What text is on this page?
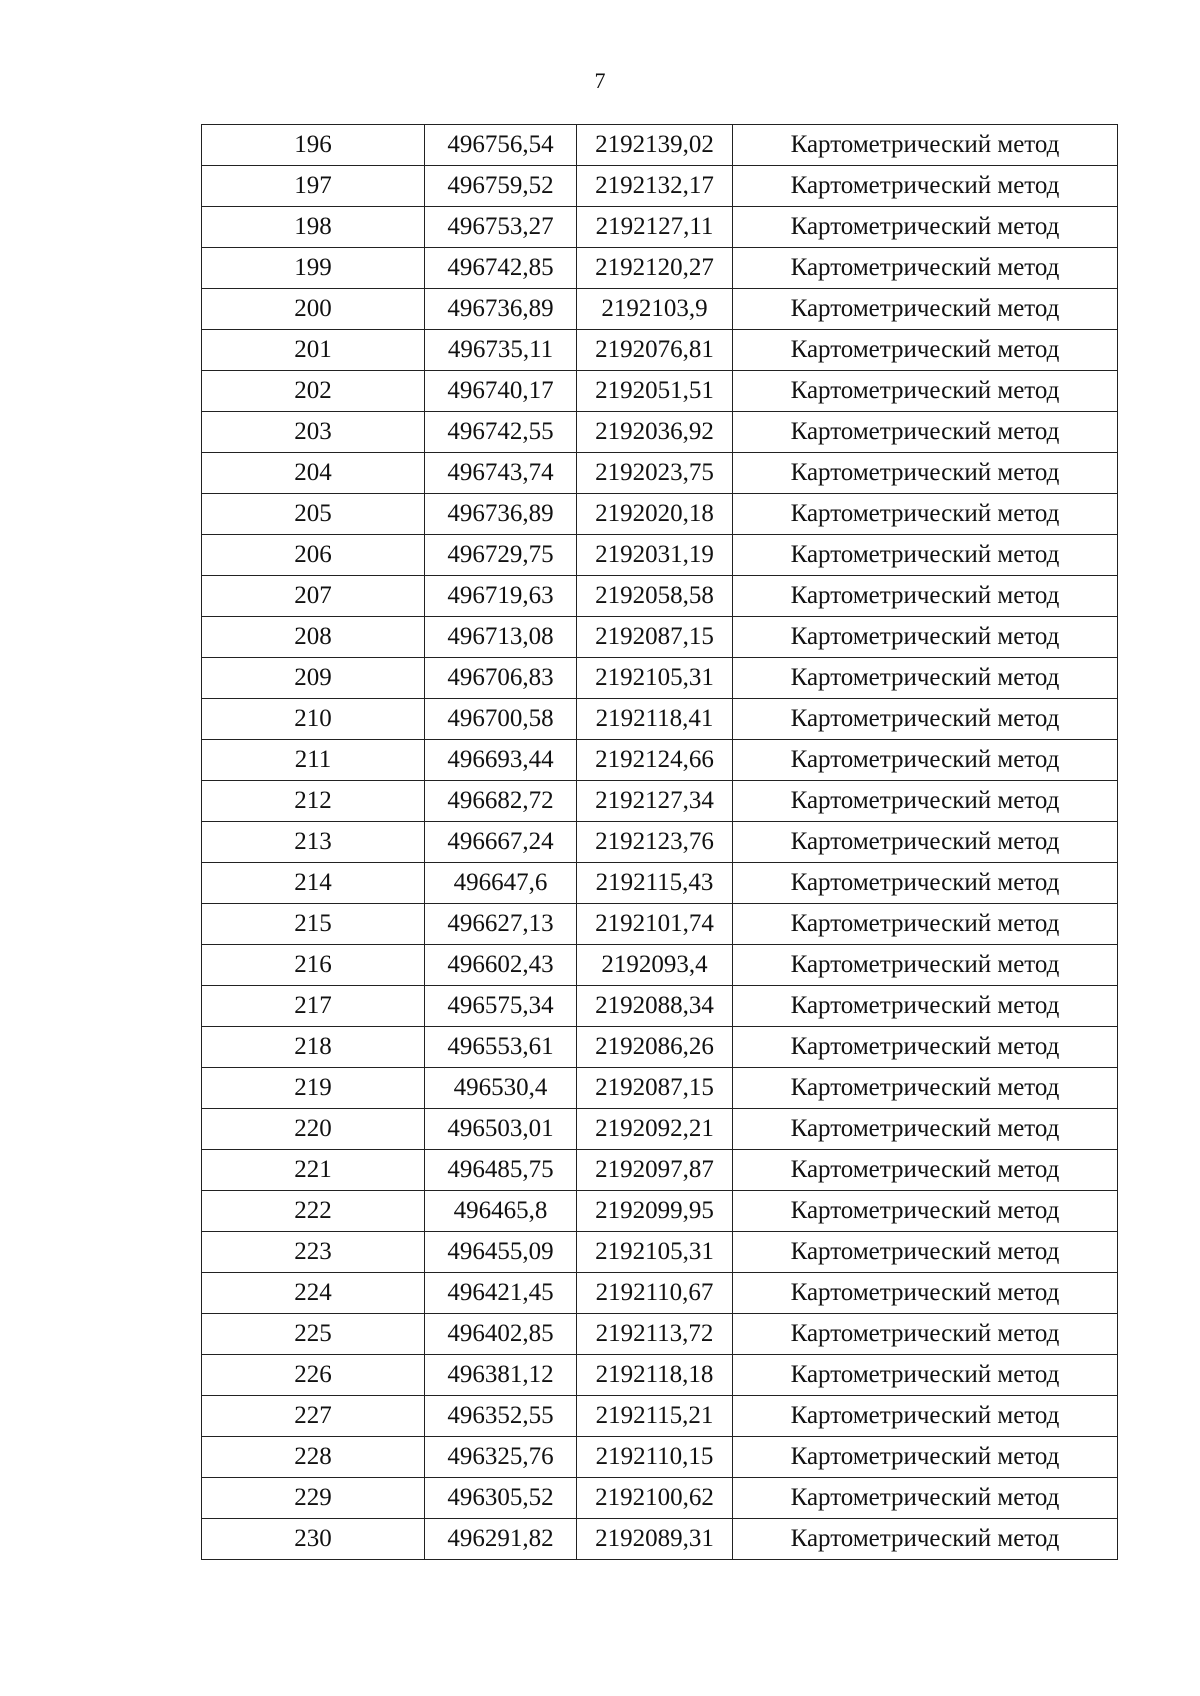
7
196	496756,54	2192139,02	Картометрический метод
197	496759,52	2192132,17	Картометрический метод
198	496753,27	2192127,11	Картометрический метод
199	496742,85	2192120,27	Картометрический метод
200	496736,89	2192103,9	Картометрический метод
201	496735,11	2192076,81	Картометрический метод
202	496740,17	2192051,51	Картометрический метод
203	496742,55	2192036,92	Картометрический метод
204	496743,74	2192023,75	Картометрический метод
205	496736,89	2192020,18	Картометрический метод
206	496729,75	2192031,19	Картометрический метод
207	496719,63	2192058,58	Картометрический метод
208	496713,08	2192087,15	Картометрический метод
209	496706,83	2192105,31	Картометрический метод
210	496700,58	2192118,41	Картометрический метод
211	496693,44	2192124,66	Картометрический метод
212	496682,72	2192127,34	Картометрический метод
213	496667,24	2192123,76	Картометрический метод
214	496647,6	2192115,43	Картометрический метод
215	496627,13	2192101,74	Картометрический метод
216	496602,43	2192093,4	Картометрический метод
217	496575,34	2192088,34	Картометрический метод
218	496553,61	2192086,26	Картометрический метод
219	496530,4	2192087,15	Картометрический метод
220	496503,01	2192092,21	Картометрический метод
221	496485,75	2192097,87	Картометрический метод
222	496465,8	2192099,95	Картометрический метод
223	496455,09	2192105,31	Картометрический метод
224	496421,45	2192110,67	Картометрический метод
225	496402,85	2192113,72	Картометрический метод
226	496381,12	2192118,18	Картометрический метод
227	496352,55	2192115,21	Картометрический метод
228	496325,76	2192110,15	Картометрический метод
229	496305,52	2192100,62	Картометрический метод
230	496291,82	2192089,31	Картометрический метод
